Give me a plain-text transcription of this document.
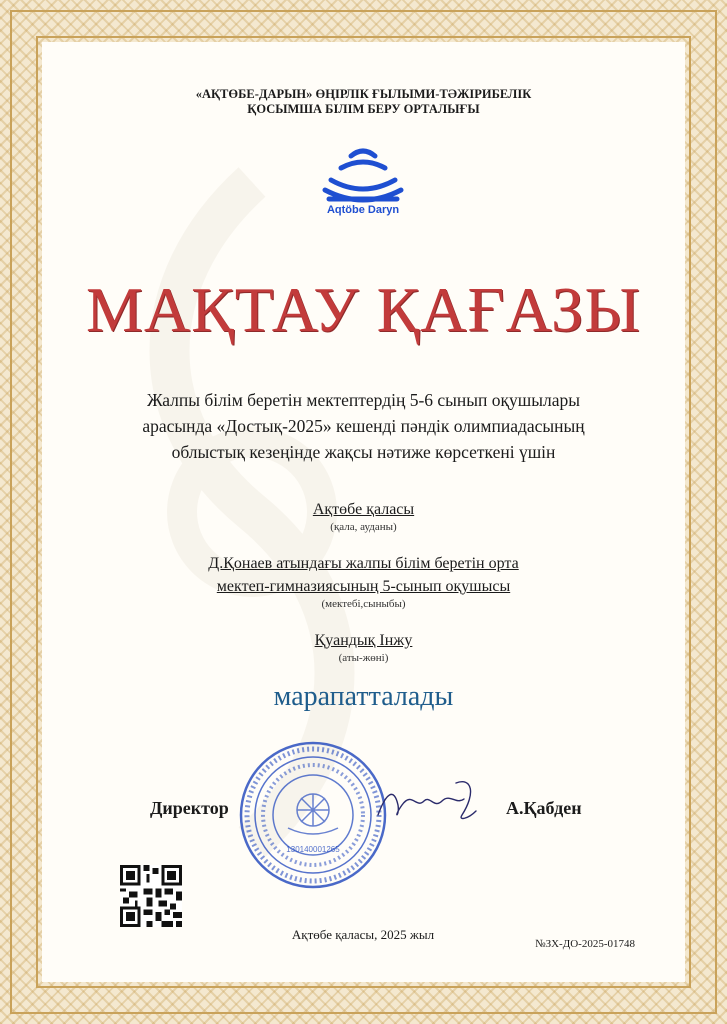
«АҚТӨБЕ-ДАРЫН» ӨҢІРЛІК ҒЫЛЫМИ-ТӘЖІРИБЕЛІК
ҚОСЫМША БІЛІМ БЕРУ ОРТАЛЫҒЫ
Aqtöbe Daryn
МАҚТАУ ҚАҒАЗЫ
Жалпы білім беретін мектептердің 5-6 сынып оқушылары
арасында «Достық-2025» кешенді пәндік олимпиадасының
облыстық кезеңінде жақсы нәтиже көрсеткені үшін
Ақтөбе қаласы
(қала, ауданы)
Д.Қонаев атындағы жалпы білім беретін орта
мектеп-гимназиясының 5-сынып оқушысы
(мектебі,сыныбы)
Қуандық Інжу
(аты-жөні)
марапатталады
130140001265
Директор	А.Қабден
Ақтөбе қаласы, 2025 жыл
№ЗХ-ДО-2025-01748
